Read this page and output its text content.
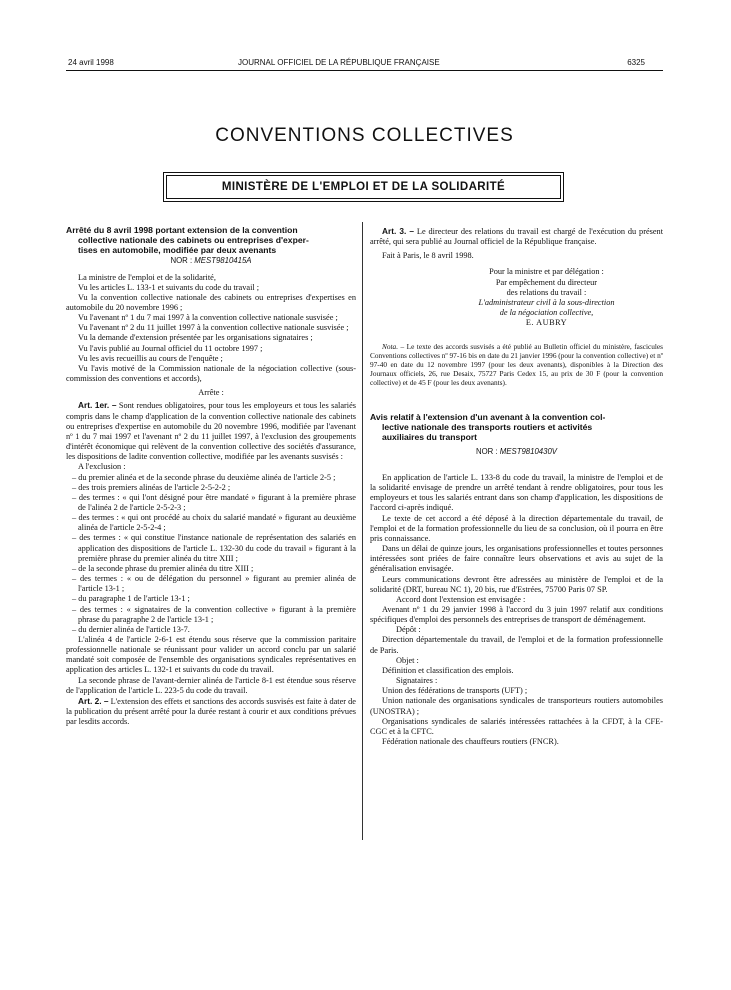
24 avril 1998	JOURNAL OFFICIEL DE LA RÉPUBLIQUE FRANÇAISE	6325
CONVENTIONS COLLECTIVES
MINISTÈRE DE L'EMPLOI ET DE LA SOLIDARITÉ
Arrêté du 8 avril 1998 portant extension de la convention
collective nationale des cabinets ou entreprises d'exper-
tises en automobile, modifiée par deux avenants
NOR : MEST9810415A

La ministre de l'emploi et de la solidarité,

Vu les articles L. 133-1 et suivants du code du travail ;

Vu la convention collective nationale des cabinets ou entreprises d'expertises en automobile du 20 novembre 1996 ;

Vu l'avenant nº 1 du 7 mai 1997 à la convention collective nationale susvisée ;

Vu l'avenant nº 2 du 11 juillet 1997 à la convention collective nationale susvisée ;

Vu la demande d'extension présentée par les organisations signataires ;

Vu l'avis publié au Journal officiel du 11 octobre 1997 ;

Vu les avis recueillis au cours de l'enquête ;

Vu l'avis motivé de la Commission nationale de la négociation collective (sous-commission des conventions et accords),

Arrête :

Art. 1er. – Sont rendues obligatoires, pour tous les employeurs et tous les salariés compris dans le champ d'application de la convention collective nationale des cabinets ou entreprises d'expertise en automobile du 20 novembre 1996, modifiée par l'avenant nº 1 du 7 mai 1997 et l'avenant nº 2 du 11 juillet 1997, à l'exclusion des groupements d'intérêt économique qui relèvent de la convention collective des sociétés d'assurance, les dispositions de ladite convention collective, modifiée par les avenants susvisés :

A l'exclusion :

– du premier alinéa et de la seconde phrase du deuxième alinéa de l'article 2-5 ;

– des trois premiers alinéas de l'article 2-5-2-2 ;

– des termes : « qui l'ont désigné pour être mandaté » figurant à la première phrase de l'alinéa 2 de l'article 2-5-2-3 ;

– des termes : « qui ont procédé au choix du salarié mandaté » figurant au deuxième alinéa de l'article 2-5-2-4 ;

– des termes : « qui constitue l'instance nationale de représentation des salariés en application des dispositions de l'article L. 132-30 du code du travail » figurant à la première phrase du premier alinéa du titre XIII ;

– de la seconde phrase du premier alinéa du titre XIII ;

– des termes : « ou de délégation du personnel » figurant au premier alinéa de l'article 13-1 ;

– du paragraphe 1 de l'article 13-1 ;

– des termes : « signataires de la convention collective » figurant à la première phrase du paragraphe 2 de l'article 13-1 ;

– du dernier alinéa de l'article 13-7.

L'alinéa 4 de l'article 2-6-1 est étendu sous réserve que la commission paritaire professionnelle nationale se réunissant pour valider un accord conclu par un salarié mandaté soit composée de l'ensemble des organisations syndicales représentatives en application des articles L. 132-1 et suivants du code du travail.

La seconde phrase de l'avant-dernier alinéa de l'article 8-1 est étendue sous réserve de l'application de l'article L. 223-5 du code du travail.

Art. 2. – L'extension des effets et sanctions des accords susvisés est faite à dater de la publication du présent arrêté pour la durée restant à courir et aux conditions prévues par lesdits accords.

Art. 3. – Le directeur des relations du travail est chargé de l'exécution du présent arrêté, qui sera publié au Journal officiel de la République française.

Fait à Paris, le 8 avril 1998.

Pour la ministre et par délégation :

Par empêchement du directeur

des relations du travail :

L'administrateur civil à la sous-direction

de la négociation collective,

E. AUBRY

Nota. – Le texte des accords susvisés a été publié au Bulletin officiel du ministère, fascicules Conventions collectives nº 97-16 bis en date du 21 janvier 1996 (pour la convention collective) et nº 97-40 en date du 12 novembre 1997 (pour les deux avenants), disponibles à la Direction des Journaux officiels, 26, rue Desaix, 75727 Paris Cedex 15, au prix de 30 F (pour la convention collective) et de 45 F (pour les deux avenants).

Avis relatif à l'extension d'un avenant à la convention col-
lective nationale des transports routiers et activités
auxiliaires du transport
NOR : MEST9810430V

En application de l'article L. 133-8 du code du travail, la ministre de l'emploi et de la solidarité envisage de prendre un arrêté tendant à rendre obligatoires, pour tous les employeurs et tous les salariés entrant dans son champ d'application, les dispositions de l'accord ci-après indiqué.

Le texte de cet accord a été déposé à la direction départementale du travail, de l'emploi et de la formation professionnelle du lieu de sa conclusion, où il pourra en être pris connaissance.

Dans un délai de quinze jours, les organisations professionnelles et toutes personnes intéressées sont priées de faire connaître leurs observations et avis au sujet de la généralisation envisagée.

Leurs communications devront être adressées au ministère de l'emploi et de la solidarité (DRT, bureau NC 1), 20 bis, rue d'Estrées, 75700 Paris 07 SP.

Accord dont l'extension est envisagée :

Avenant nº 1 du 29 janvier 1998 à l'accord du 3 juin 1997 relatif aux conditions spécifiques d'emploi des personnels des entreprises de transport de déménagement.

Dépôt :

Direction départementale du travail, de l'emploi et de la formation professionnelle de Paris.

Objet :

Définition et classification des emplois.

Signataires :

Union des fédérations de transports (UFT) ;

Union nationale des organisations syndicales de transporteurs routiers automobiles (UNOSTRA) ;

Organisations syndicales de salariés intéressées rattachées à la CFDT, à la CFE-CGC et à la CFTC.

Fédération nationale des chauffeurs routiers (FNCR).
